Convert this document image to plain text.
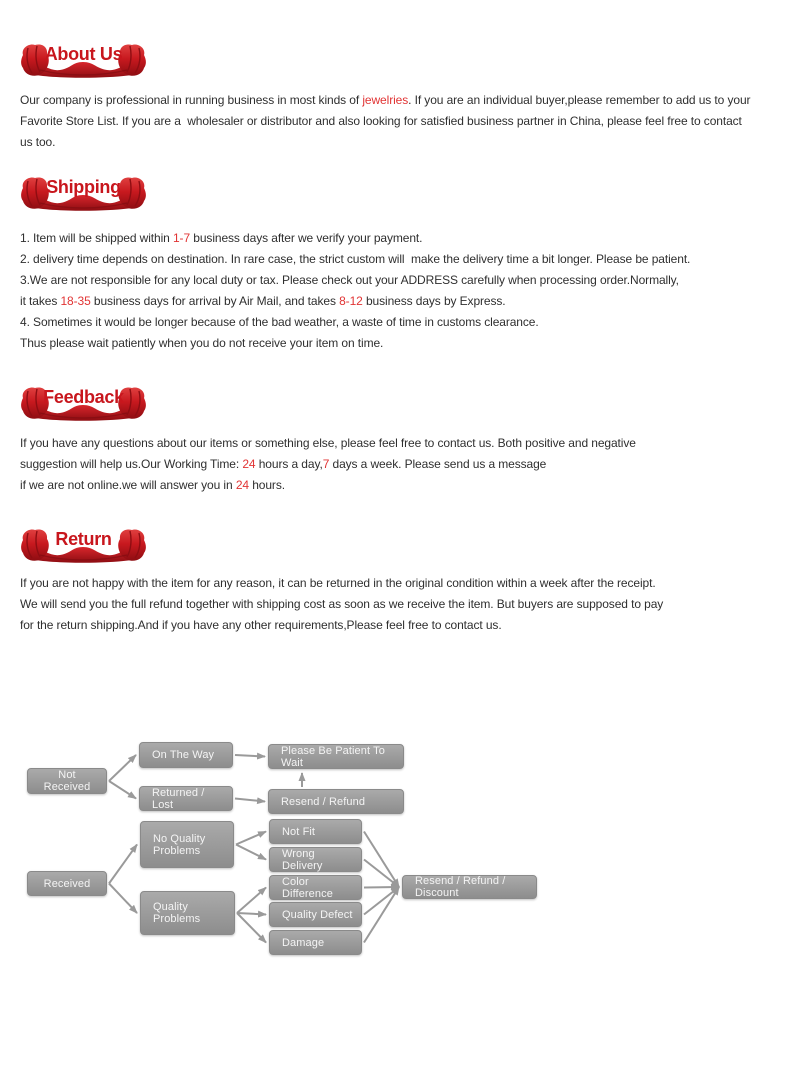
About Us
Our company is professional in running business in most kinds of jewelries. If you are an individual buyer,please remember to add us to your
Favorite Store List. If you are a  wholesaler or distributor and also looking for satisfied business partner in China, please feel free to contact
us too.
Shipping
1. Item will be shipped within 1-7 business days after we verify your payment.
2. delivery time depends on destination. In rare case, the strict custom will  make the delivery time a bit longer. Please be patient.
3.We are not responsible for any local duty or tax. Please check out your ADDRESS carefully when processing order.Normally,
it takes 18-35 business days for arrival by Air Mail, and takes 8-12 business days by Express.
4. Sometimes it would be longer because of the bad weather, a waste of time in customs clearance.
Thus please wait patiently when you do not receive your item on time.
Feedback
If you have any questions about our items or something else, please feel free to contact us. Both positive and negative
suggestion will help us.Our Working Time: 24 hours a day,7 days a week. Please send us a message
if we are not online.we will answer you in 24 hours.
Return
If you are not happy with the item for any reason, it can be returned in the original condition within a week after the receipt.
We will send you the full refund together with shipping cost as soon as we receive the item. But buyers are supposed to pay
for the return shipping.And if you have any other requirements,Please feel free to contact us.
Not Received
On The Way
Returned / Lost
Please Be Patient To Wait
Resend / Refund
Received
No Quality Problems
Quality Problems
Not Fit
Wrong Delivery
Color Difference
Quality Defect
Damage
Resend / Refund / Discount
